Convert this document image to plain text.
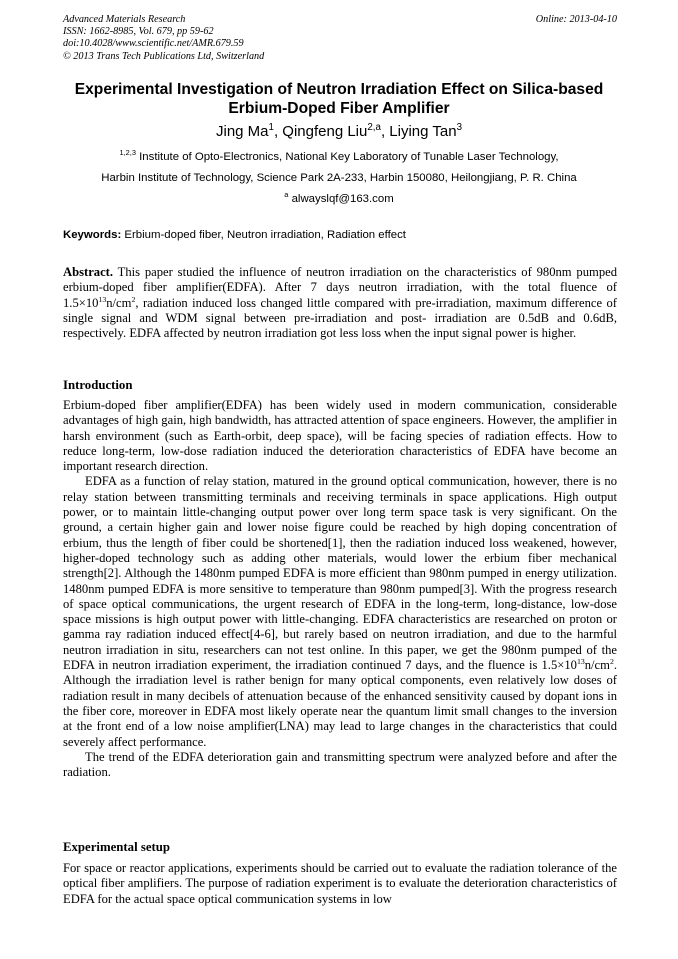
Advanced Materials Research
ISSN: 1662-8985, Vol. 679, pp 59-62
doi:10.4028/www.scientific.net/AMR.679.59
© 2013 Trans Tech Publications Ltd, Switzerland
Online: 2013-04-10
Experimental Investigation of Neutron Irradiation Effect on Silica-based
Erbium-Doped Fiber Amplifier
Jing Ma$^1$, Qingfeng Liu$^{2,a}$, Liying Tan$^3$
$^{1,2,3}$ Institute of Opto-Electronics, National Key Laboratory of Tunable Laser Technology,
Harbin Institute of Technology, Science Park 2A-233, Harbin 150080, Heilongjiang, P. R. China
$^a$ alwayslqf@163.com
Keywords: Erbium-doped fiber, Neutron irradiation, Radiation effect
Abstract. This paper studied the influence of neutron irradiation on the characteristics of 980nm pumped erbium-doped fiber amplifier(EDFA). After 7 days neutron irradiation, with the total fluence of $1.5\times 10^{13}n/cm^2$, radiation induced loss changed little compared with pre-irradiation, maximum difference of single signal and WDM signal between pre-irradiation and post- irradiation are 0.5dB and 0.6dB, respectively. EDFA affected by neutron irradiation got less loss when the input signal power is higher.
Introduction

Erbium-doped fiber amplifier(EDFA) has been widely used in modern communication, considerable advantages of high gain, high bandwidth, has attracted attention of space engineers. However, the amplifier in harsh environment (such as Earth-orbit, deep space), will be facing species of radiation effects. How to reduce long-term, low-dose radiation induced the deterioration characteristics of EDFA have become an important research direction.

EDFA as a function of relay station, matured in the ground optical communication, however, there is no relay station between transmitting terminals and receiving terminals in space applications. High output power, or to maintain little-changing output power over long term space task is very significant. On the ground, a certain higher gain and lower noise figure could be reached by high doping concentration of erbium, thus the length of fiber could be shortened[1], then the radiation induced loss weakened, however, higher-doped technology such as adding other materials, would lower the erbium fiber mechanical strength[2]. Although the 1480nm pumped EDFA is more efficient than 980nm pumped in energy utilization. 1480nm pumped EDFA is more sensitive to temperature than 980nm pumped[3]. With the progress research of space optical communications, the urgent research of EDFA in the long-term, long-distance, low-dose space missions is high output power with little-changing. EDFA characteristics are researched on proton or gamma ray radiation induced effect[4-6], but rarely based on neutron irradiation, and due to the harmful neutron irradiation in situ, researchers can not test online. In this paper, we get the 980nm pumped of the EDFA in neutron irradiation experiment, the irradiation continued 7 days, and the fluence is $1.5\times 10^{13}n/cm^2$. Although the irradiation level is rather benign for many optical components, even relatively low doses of radiation result in many decibels of attenuation because of the enhanced sensitivity caused by dopant ions in the fiber core, moreover in EDFA most likely operate near the quantum limit small changes to the inversion at the front end of a low noise amplifier(LNA) may lead to large changes in the characteristics that could severely affect performance.

The trend of the EDFA deterioration gain and transmitting spectrum were analyzed before and after the radiation.

Experimental setup

For space or reactor applications, experiments should be carried out to evaluate the radiation tolerance of the optical fiber amplifiers. The purpose of radiation experiment is to evaluate the deterioration characteristics of EDFA for the actual space optical communication systems in low
